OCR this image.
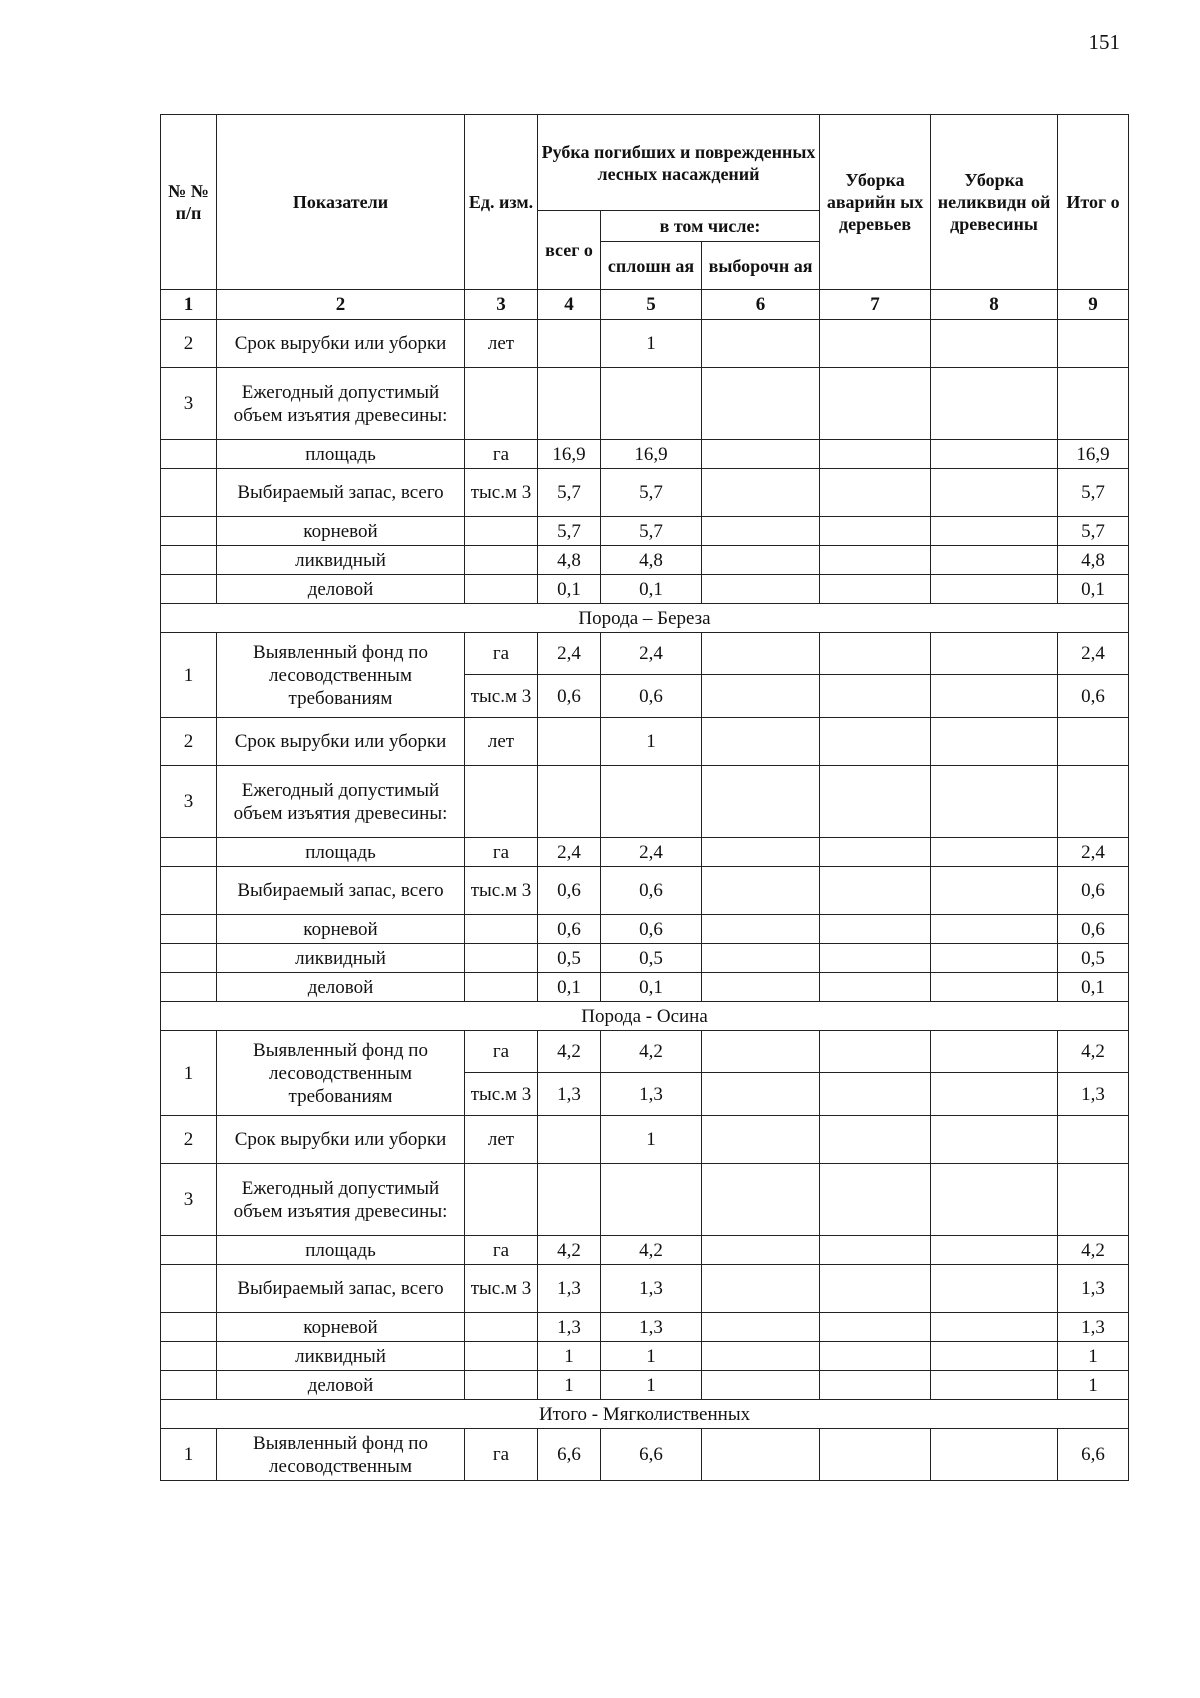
151
№ № п/п	Показатели	Ед. изм.	Рубка погибших и поврежденных лесных насаждений			Уборка аварийн ых деревьев	Уборка неликвидн ой древесины	Итог о
			всег о	в том числе:				
				сплошн ая	выборочн ая			
1	2	3	4	5	6	7	8	9
2	Срок вырубки или уборки	лет		1				
3	Ежегодный допустимый объем изъятия древесины:							
	площадь	га	16,9	16,9				16,9
	Выбираемый запас, всего	тыс.м 3	5,7	5,7				5,7
	корневой		5,7	5,7				5,7
	ликвидный		4,8	4,8				4,8
	деловой		0,1	0,1				0,1
Порода – Береза								
1	Выявленный фонд по лесоводственным требованиям	га	2,4	2,4				2,4
		тыс.м 3	0,6	0,6				0,6
2	Срок вырубки или уборки	лет		1				
3	Ежегодный допустимый объем изъятия древесины:							
	площадь	га	2,4	2,4				2,4
	Выбираемый запас, всего	тыс.м 3	0,6	0,6				0,6
	корневой		0,6	0,6				0,6
	ликвидный		0,5	0,5				0,5
	деловой		0,1	0,1				0,1
Порода - Осина								
1	Выявленный фонд по лесоводственным требованиям	га	4,2	4,2				4,2
		тыс.м 3	1,3	1,3				1,3
2	Срок вырубки или уборки	лет		1				
3	Ежегодный допустимый объем изъятия древесины:							
	площадь	га	4,2	4,2				4,2
	Выбираемый запас, всего	тыс.м 3	1,3	1,3				1,3
	корневой		1,3	1,3				1,3
	ликвидный		1	1				1
	деловой		1	1				1
Итого - Мягколиственных								
1	Выявленный фонд по лесоводственным	га	6,6	6,6				6,6
